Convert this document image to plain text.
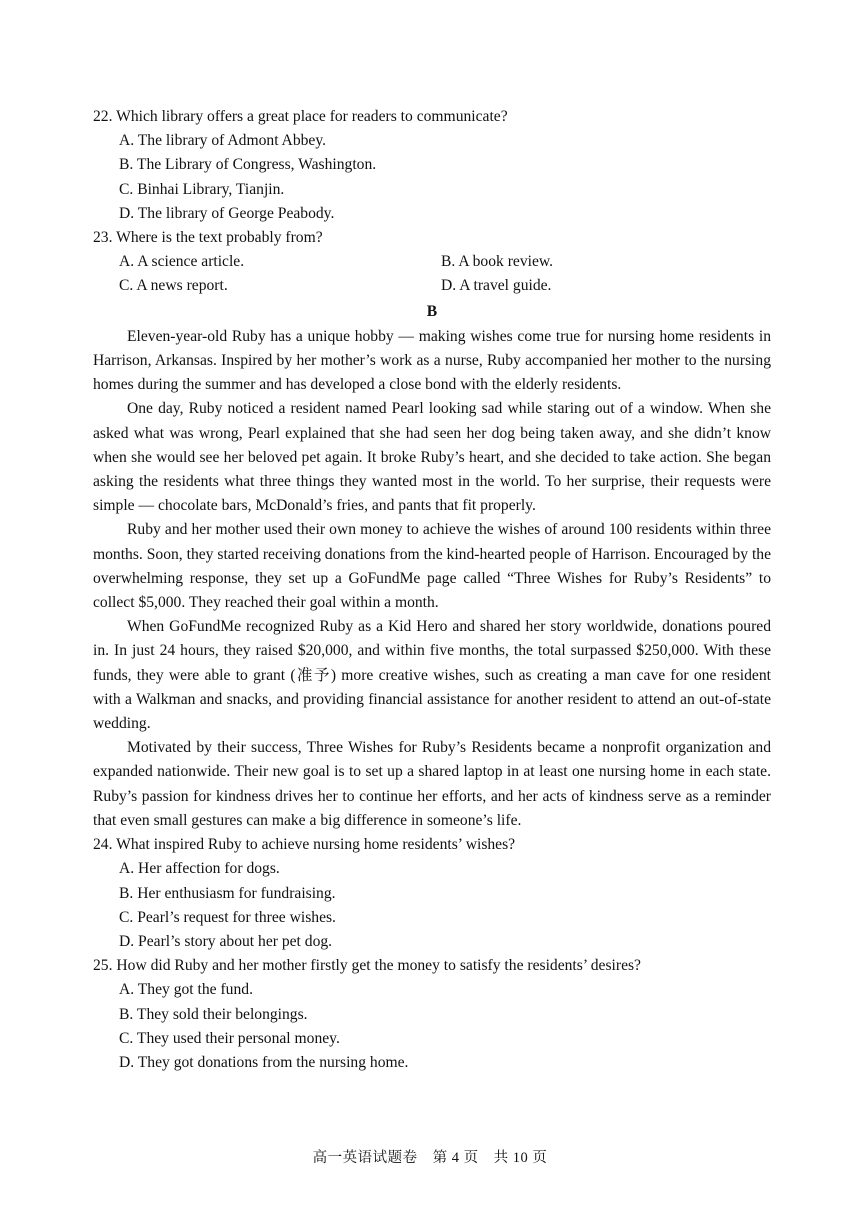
22. Which library offers a great place for readers to communicate?

A. The library of Admont Abbey.
B. The Library of Congress, Washington.
C. Binhai Library, Tianjin.
D. The library of George Peabody.

23. Where is the text probably from?

A. A science article.	B. A book review.
C. A news report.	D. A travel guide.
B

Eleven-year-old Ruby has a unique hobby — making wishes come true for nursing home residents in Harrison, Arkansas. Inspired by her mother’s work as a nurse, Ruby accompanied her mother to the nursing homes during the summer and has developed a close bond with the elderly residents.

One day, Ruby noticed a resident named Pearl looking sad while staring out of a window. When she asked what was wrong, Pearl explained that she had seen her dog being taken away, and she didn’t know when she would see her beloved pet again. It broke Ruby’s heart, and she decided to take action. She began asking the residents what three things they wanted most in the world. To her surprise, their requests were simple — chocolate bars, McDonald’s fries, and pants that fit properly.

Ruby and her mother used their own money to achieve the wishes of around 100 residents within three months. Soon, they started receiving donations from the kind-hearted people of Harrison. Encouraged by the overwhelming response, they set up a GoFundMe page called “Three Wishes for Ruby’s Residents” to collect $5,000. They reached their goal within a month.

When GoFundMe recognized Ruby as a Kid Hero and shared her story worldwide, donations poured in. In just 24 hours, they raised $20,000, and within five months, the total surpassed $250,000. With these funds, they were able to grant (准予) more creative wishes, such as creating a man cave for one resident with a Walkman and snacks, and providing financial assistance for another resident to attend an out-of-state wedding.

Motivated by their success, Three Wishes for Ruby’s Residents became a nonprofit organization and expanded nationwide. Their new goal is to set up a shared laptop in at least one nursing home in each state. Ruby’s passion for kindness drives her to continue her efforts, and her acts of kindness serve as a reminder that even small gestures can make a big difference in someone’s life.

24. What inspired Ruby to achieve nursing home residents’ wishes?

A. Her affection for dogs.
B. Her enthusiasm for fundraising.
C. Pearl’s request for three wishes.
D. Pearl’s story about her pet dog.

25. How did Ruby and her mother firstly get the money to satisfy the residents’ desires?

A. They got the fund.
B. They sold their belongings.
C. They used their personal money.
D. They got donations from the nursing home.
高一英语试题卷　第 4 页　共 10 页
